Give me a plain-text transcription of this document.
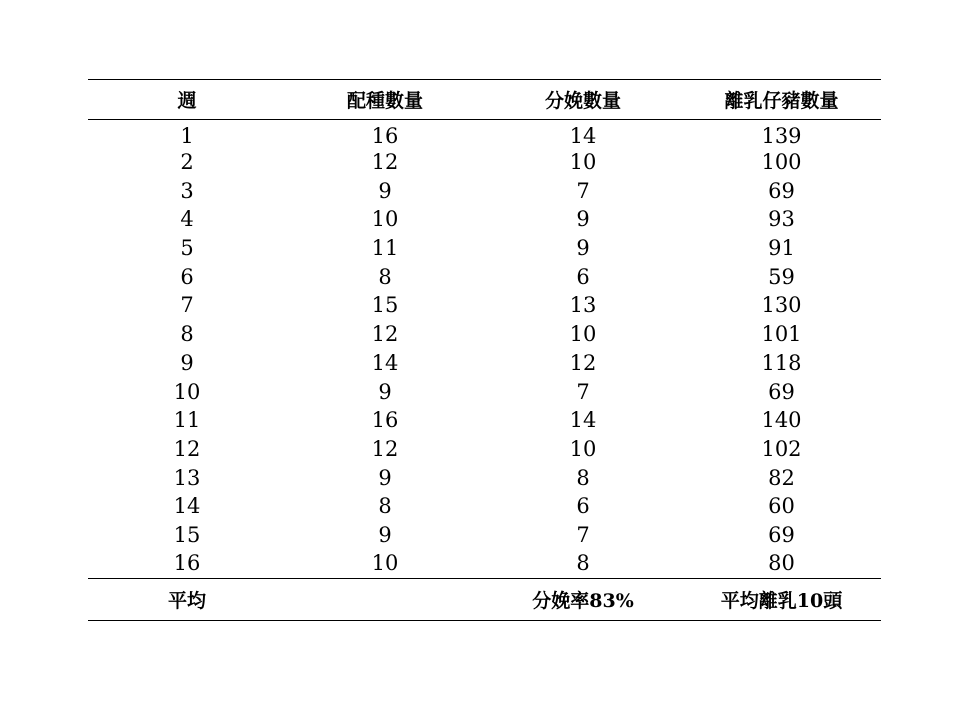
週	配種數量	分娩數量	離乳仔豬數量
1	16	14	139
2	12	10	100
3	9	7	69
4	10	9	93
5	11	9	91
6	8	6	59
7	15	13	130
8	12	10	101
9	14	12	118
10	9	7	69
11	16	14	140
12	12	10	102
13	9	8	82
14	8	6	60
15	9	7	69
16	10	8	80
平均		分娩率83%	平均離乳10頭
